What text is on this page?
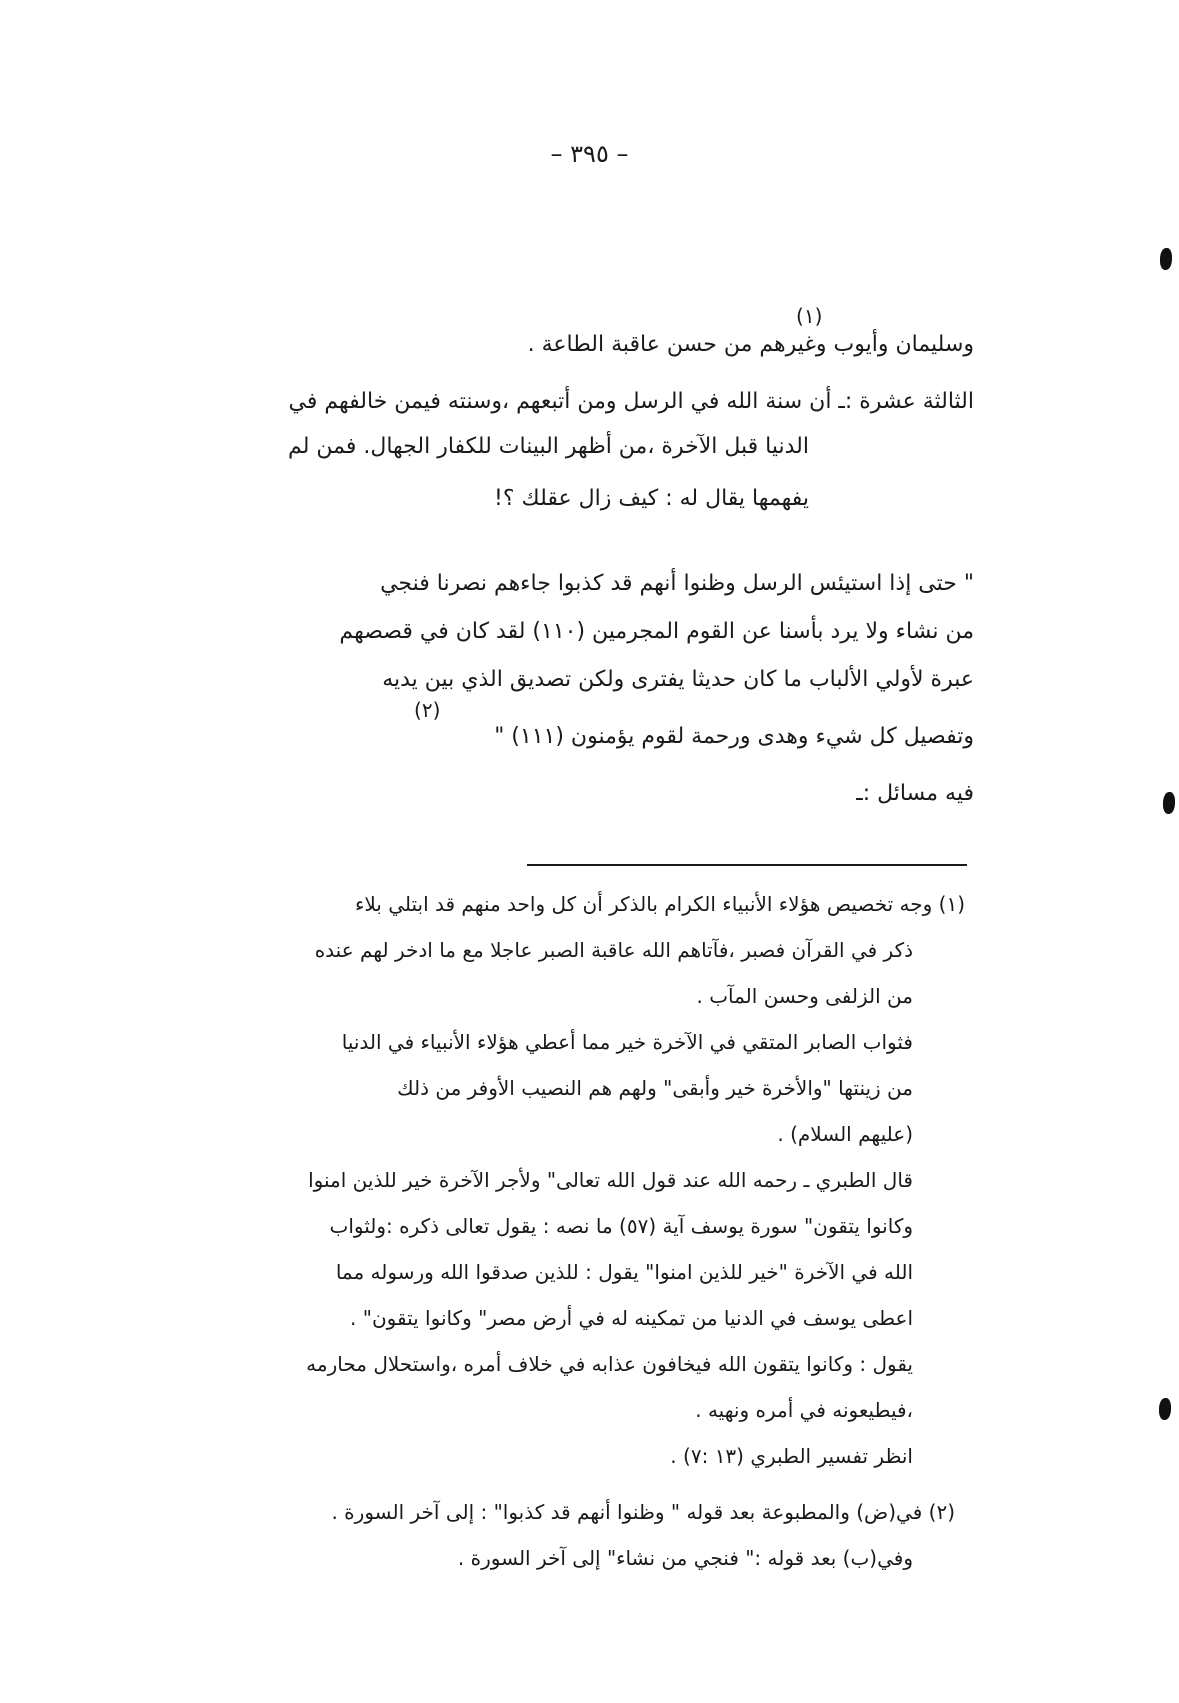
– ٣٩٥ –
(١)
وسليمان وأيوب وغيرهم من حسن عاقبة الطاعة .
الثالثة عشرة :ـ أن سنة الله في الرسل ومن أتبعهم ،وسنته فيمن خالفهم في
الدنيا قبل الآخرة ،من أظهر البينات للكفار الجهال. فمن لم
يفهمها يقال له : كيف زال عقلك ؟!
" حتى إذا استيئس الرسل وظنوا أنهم قد كذبوا جاءهم نصرنا فنجي
من نشاء ولا يرد بأسنا عن القوم المجرمين (١١٠) لقد كان في قصصهم
عبرة لأولي الألباب ما كان حديثا يفترى ولكن تصديق الذي بين يديه
(٢)
وتفصيل كل شيء وهدى ورحمة لقوم يؤمنون (١١١) "
فيه مسائل :ـ
(١) وجه تخصيص هؤلاء الأنبياء الكرام بالذكر أن كل واحد منهم قد ابتلي بلاء
ذكر في القرآن فصبر ،فآتاهم الله عاقبة الصبر عاجلا مع ما ادخر لهم عنده
من الزلفى وحسن المآب .
فثواب الصابر المتقي في الآخرة خير مما أعطي هؤلاء الأنبياء في الدنيا
من زينتها "والأخرة خير وأبقى" ولهم هم النصيب الأوفر من ذلك
(عليهم السلام) .
قال الطبري ـ رحمه الله عند قول الله تعالى" ولأجر الآخرة خير للذين امنوا
وكانوا يتقون" سورة يوسف آية (٥٧) ما نصه : يقول تعالى ذكره :ولثواب
الله في الآخرة "خير للذين امنوا" يقول : للذين صدقوا الله ورسوله مما
اعطى يوسف في الدنيا من تمكينه له في أرض مصر" وكانوا يتقون" .
يقول : وكانوا يتقون الله فيخافون عذابه في خلاف أمره ،واستحلال محارمه
،فيطيعونه في أمره ونهيه .
انظر تفسير الطبري (١٣ :٧) .
(٢) في(ض) والمطبوعة بعد قوله " وظنوا أنهم قد كذبوا" : إلى آخر السورة .
وفي(ب) بعد قوله :" فنجي من نشاء" إلى آخر السورة .
